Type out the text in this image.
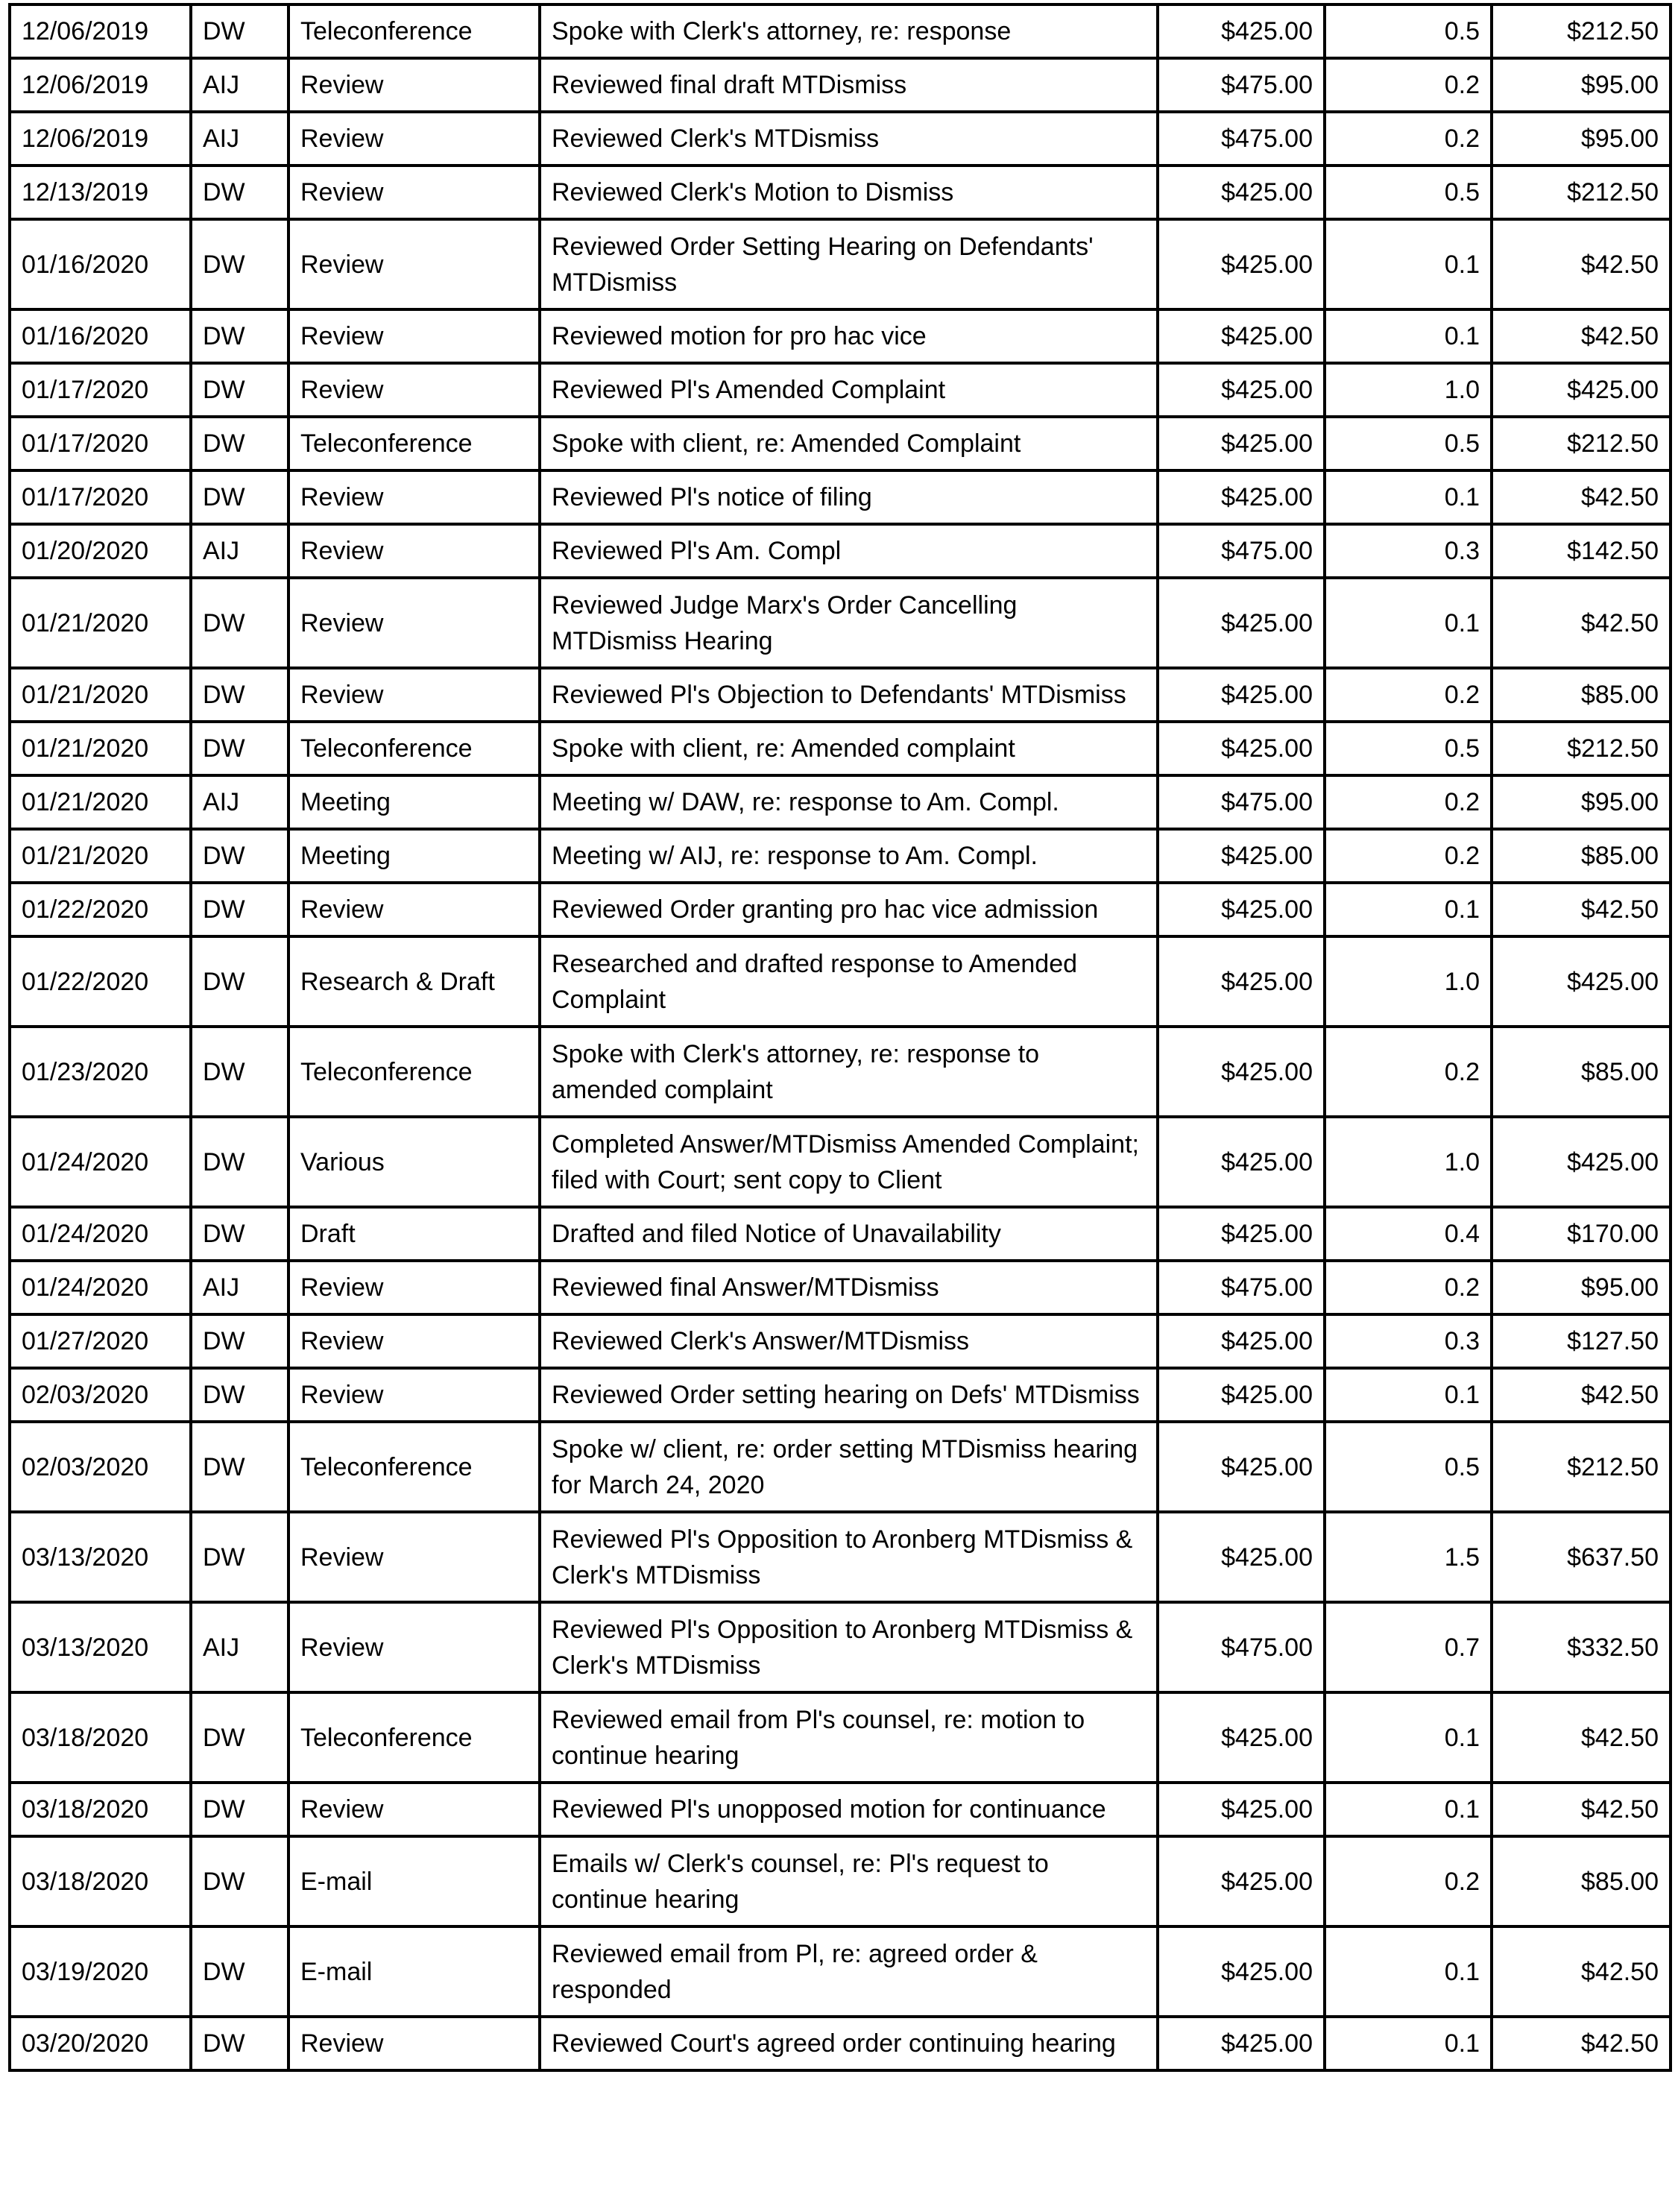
12/06/2019	DW	Teleconference	Spoke with Clerk's attorney, re: response	$425.00	0.5	$212.50
12/06/2019	AIJ	Review	Reviewed final draft MTDismiss	$475.00	0.2	$95.00
12/06/2019	AIJ	Review	Reviewed Clerk's MTDismiss	$475.00	0.2	$95.00
12/13/2019	DW	Review	Reviewed Clerk's Motion to Dismiss	$425.00	0.5	$212.50
01/16/2020	DW	Review	Reviewed Order Setting Hearing on Defendants' MTDismiss	$425.00	0.1	$42.50
01/16/2020	DW	Review	Reviewed motion for pro hac vice	$425.00	0.1	$42.50
01/17/2020	DW	Review	Reviewed Pl's Amended Complaint	$425.00	1.0	$425.00
01/17/2020	DW	Teleconference	Spoke with client, re: Amended Complaint	$425.00	0.5	$212.50
01/17/2020	DW	Review	Reviewed Pl's notice of filing	$425.00	0.1	$42.50
01/20/2020	AIJ	Review	Reviewed Pl's Am. Compl	$475.00	0.3	$142.50
01/21/2020	DW	Review	Reviewed Judge Marx's Order Cancelling MTDismiss Hearing	$425.00	0.1	$42.50
01/21/2020	DW	Review	Reviewed Pl's Objection to Defendants' MTDismiss	$425.00	0.2	$85.00
01/21/2020	DW	Teleconference	Spoke with client, re: Amended complaint	$425.00	0.5	$212.50
01/21/2020	AIJ	Meeting	Meeting w/ DAW, re: response to Am. Compl.	$475.00	0.2	$95.00
01/21/2020	DW	Meeting	Meeting w/ AIJ, re: response to Am. Compl.	$425.00	0.2	$85.00
01/22/2020	DW	Review	Reviewed Order granting pro hac vice admission	$425.00	0.1	$42.50
01/22/2020	DW	Research & Draft	Researched and drafted response to Amended Complaint	$425.00	1.0	$425.00
01/23/2020	DW	Teleconference	Spoke with Clerk's attorney, re: response to amended complaint	$425.00	0.2	$85.00
01/24/2020	DW	Various	Completed Answer/MTDismiss Amended Complaint; filed with Court; sent copy to Client	$425.00	1.0	$425.00
01/24/2020	DW	Draft	Drafted and filed Notice of Unavailability	$425.00	0.4	$170.00
01/24/2020	AIJ	Review	Reviewed final Answer/MTDismiss	$475.00	0.2	$95.00
01/27/2020	DW	Review	Reviewed Clerk's Answer/MTDismiss	$425.00	0.3	$127.50
02/03/2020	DW	Review	Reviewed Order setting hearing on Defs' MTDismiss	$425.00	0.1	$42.50
02/03/2020	DW	Teleconference	Spoke w/ client, re: order setting MTDismiss hearing for March 24, 2020	$425.00	0.5	$212.50
03/13/2020	DW	Review	Reviewed Pl's Opposition to Aronberg MTDismiss & Clerk's MTDismiss	$425.00	1.5	$637.50
03/13/2020	AIJ	Review	Reviewed Pl's Opposition to Aronberg MTDismiss & Clerk's MTDismiss	$475.00	0.7	$332.50
03/18/2020	DW	Teleconference	Reviewed email from Pl's counsel, re: motion to continue hearing	$425.00	0.1	$42.50
03/18/2020	DW	Review	Reviewed Pl's unopposed motion for continuance	$425.00	0.1	$42.50
03/18/2020	DW	E-mail	Emails w/ Clerk's counsel, re: Pl's request to continue hearing	$425.00	0.2	$85.00
03/19/2020	DW	E-mail	Reviewed email from Pl, re: agreed order & responded	$425.00	0.1	$42.50
03/20/2020	DW	Review	Reviewed Court's agreed order continuing hearing	$425.00	0.1	$42.50
